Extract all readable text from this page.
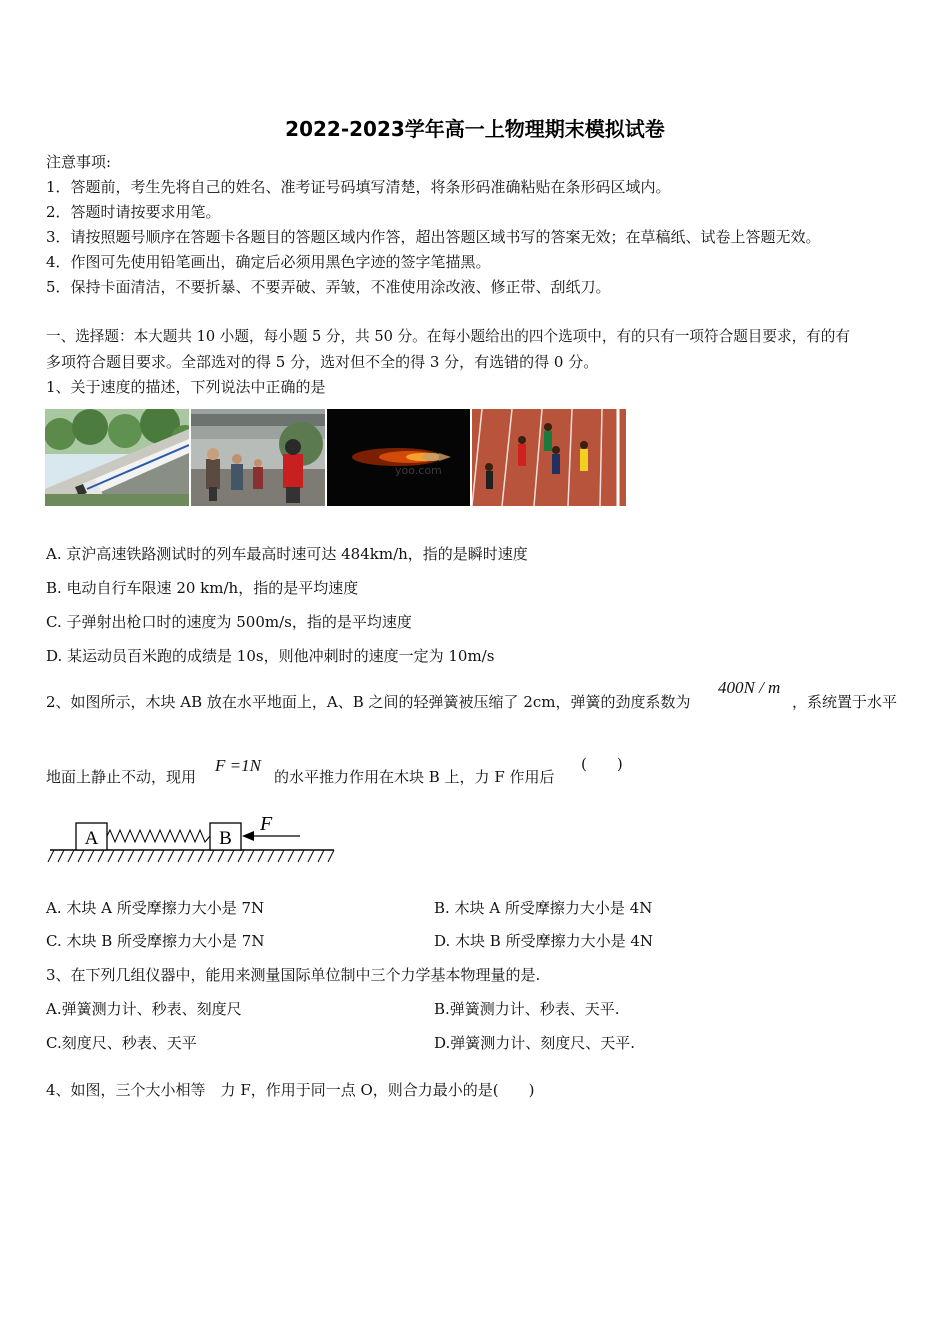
2022-2023学年高一上物理期末模拟试卷
注意事项:
1．答题前，考生先将自己的姓名、准考证号码填写清楚，将条形码准确粘贴在条形码区域内。
2．答题时请按要求用笔。
3．请按照题号顺序在答题卡各题目的答题区域内作答，超出答题区域书写的答案无效；在草稿纸、试卷上答题无效。
4．作图可先使用铅笔画出，确定后必须用黑色字迹的签字笔描黑。
5．保持卡面清洁，不要折暴、不要弄破、弄皱，不准使用涂改液、修正带、刮纸刀。
一、选择题：本大题共 10 小题，每小题 5 分，共 50 分。在每小题给出的四个选项中，有的只有一项符合题目要求，有的有
多项符合题目要求。全部选对的得 5 分，选对但不全的得 3 分，有选错的得 0 分。
1、关于速度的描述，下列说法中正确的是
yoo.com
A. 京沪高速铁路测试时的列车最高时速可达 484km/h，指的是瞬时速度
B. 电动自行车限速 20 km/h，指的是平均速度
C. 子弹射出枪口时的速度为 500m/s，指的是平均速度
D. 某运动员百米跑的成绩是 10s，则他冲刺时的速度一定为 10m/s
2、如图所示，木块 AB 放在水平地面上，A、B 之间的轻弹簧被压缩了 2cm，弹簧的劲度系数为
400N / m
，系统置于水平
地面上静止不动，现用
F =1N
的水平推力作用在木块 B 上，力 F 作用后
(　　)
A	B
F
A. 木块 A 所受摩擦力大小是 7N	B. 木块 A 所受摩擦力大小是 4N
C. 木块 B 所受摩擦力大小是 7N	D. 木块 B 所受摩擦力大小是 4N
3、在下列几组仪器中，能用来测量国际单位制中三个力学基本物理量的是.
A.弹簧测力计、秒表、刻度尺	B.弹簧测力计、秒表、天平.
C.刻度尺、秒表、天平	D.弹簧测力计、刻度尺、天平.
4、如图，三个大小相等　力 F，作用于同一点 O，则合力最小的是(　　)
